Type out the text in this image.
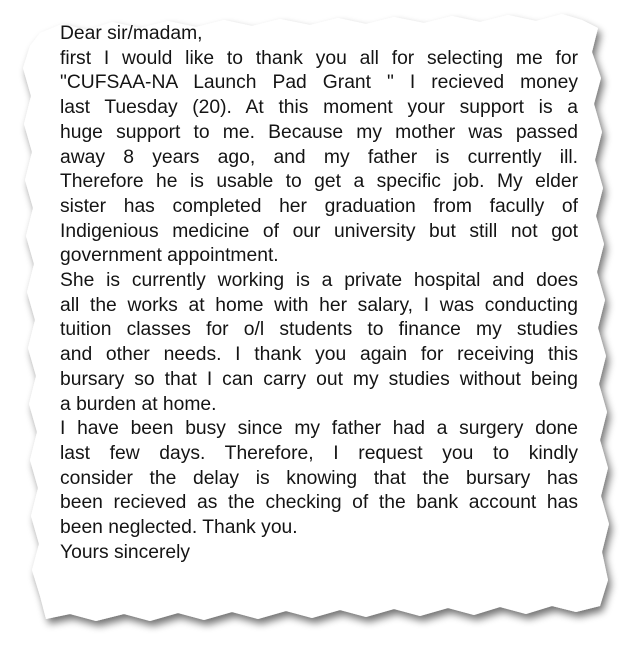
Dear sir/madam,
first I would like to thank you all for selecting me for
"CUFSAA-NA Launch Pad Grant " I recieved money
last Tuesday (20). At this moment your support is a
huge support to me. Because my mother was passed
away 8 years ago, and my father is currently ill.
Therefore he is usable to get a specific job. My elder
sister has completed her graduation from facully of
Indigenious medicine of our university but still not got
government appointment.
She is currently working is a private hospital and does
all the works at home with her salary, I was conducting
tuition classes for o/l students to finance my studies
and other needs. I thank you again for receiving this
bursary so that I can carry out my studies without being
a burden at home.
I have been busy since my father had a surgery done
last few days. Therefore, I request you to kindly
consider the delay is knowing that the bursary has
been recieved as the checking of the bank account has
been neglected. Thank you.
Yours sincerely
